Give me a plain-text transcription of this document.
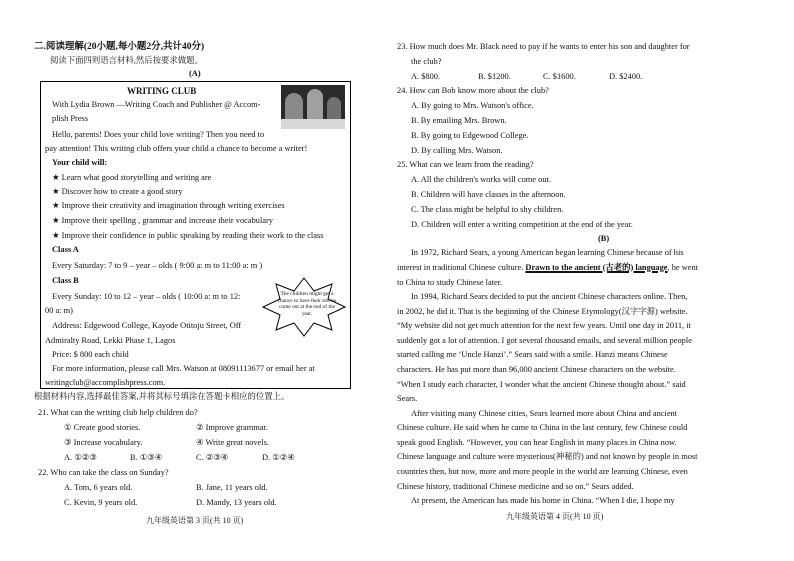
二.阅读理解(20小题,每小题2分,共计40分)
阅读下面四则语言材料,然后按要求做题。
(A)
WRITING CLUB
With Lydia Brown —Writing Coach and Publisher @ Accom-
plish Press
Hello, parents! Does your child love writing? Then you need to
pay attention! This writing club offers your child a chance to become a writer!
Your child will:
★ Learn what good storytelling and writing are
★ Discover how to create a good story
★ Improve their creativity and imagination through writing exercises
★ Improve their spelling , grammar and increase their vocabulary
★ Improve their confidence in public speaking by reading their work to the class
Class A
Every Saturday: 7 to 9 – year – olds ( 9:00 a: m to 11:00 a: m )
Class B
Every Sunday: 10 to 12 – year – olds ( 10:00 a: m to 12:
00 a: m)
Address: Edgewood College, Kayode Otitoju Street, Off
Admiralty Road, Lekki Phase 1, Lagos
Price: $ 800 each child
For more information, please call Mrs. Watson at 08091113677 or email her at
writingclub@accomplishpress.com.
The children might get a chance to have their stories come out at the end of the year.
根据材料内容,选择最佳答案,并将其标号填涂在答题卡相应的位置上。
21. What can the writing club help children do?
① Create good stories.	② Improve grammar.
③ Increase vocabulary.	④ Write great novels.
A. ①②③	B. ①③④	C. ②③④	D. ①②④
22. Who can take the class on Sunday?
A. Tom, 6 years old.	B. Jane, 11 years old.
C. Kevin, 9 years old.	D. Mandy, 13 years old.
九年级英语第 3 页(共 10 页)
23. How much does Mr. Black need to pay if he wants to enter his son and daughter for
the club?
A. $800.	B. $1200.	C. $1600.	D. $2400.
24. How can Bob know more about the club?
A. By going to Mrs. Watson's office.
B. By emailing Mrs. Brown.
B. By going to Edgewood College.
D. By calling Mrs. Watson.
25. What can we learn from the reading?
A. All the children's works will come out.
B. Children will have classes in the afternoon.
C. The class might be helpful to shy children.
D. Children will enter a writing competition at the end of the year.
(B)
In 1972, Richard Sears, a young American began learning Chinese because of his
interest in traditional Chinese culture. Drawn to the ancient (古老的) language, he went
to China to study Chinese later.
In 1994, Richard Sears decided to put the ancient Chinese characters online. Then,
in 2002, he did it. That is the beginning of the Chinese Etymology(汉字字源) website.
“My website did not get much attention for the next few years. Until one day in 2011, it
suddenly got a lot of attention. I got several thousand emails, and several million people
started calling me ‘Uncle Hanzi’.” Sears said with a smile. Hanzi means Chinese
characters. He has put more than 96,000 ancient Chinese characters on the website.
“When I study each character, I wonder what the ancient Chinese thought about.” said
Sears.
After visiting many Chinese cities, Sears learned more about China and ancient
Chinese culture. He said when he came to China in the last century, few Chinese could
speak good English. “However, you can hear English in many places in China now.
Chinese language and culture were mysterious(神秘的) and not known by people in most
countries then, but now, more and more people in the world are learning Chinese, even
Chinese history, traditional Chinese medicine and so on.” Sears added.
At present, the American has made his home in China. “When I die, I hope my
九年级英语第 4 页(共 10 页)
